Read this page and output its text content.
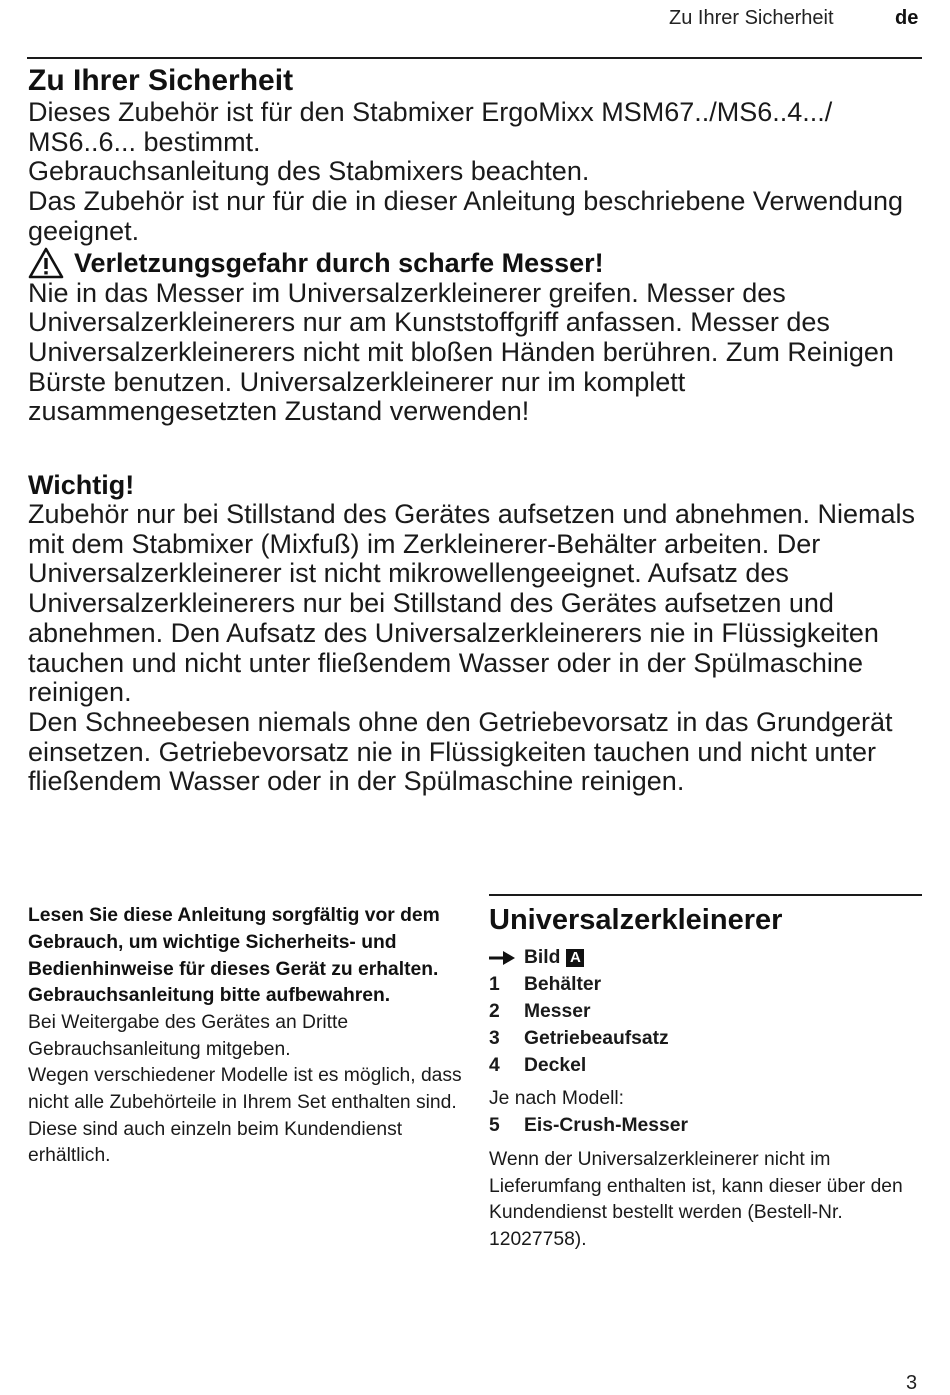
Zu Ihrer Sicherheit	de
Zu Ihrer Sicherheit

Dieses Zubehör ist für den Stabmixer ErgoMixx MSM67../MS6..4.../ MS6..6... bestimmt.

Gebrauchsanleitung des Stabmixers beachten.

Das Zubehör ist nur für die in dieser Anleitung beschriebene Verwendung geeignet.

Verletzungsgefahr durch scharfe Messer!

Nie in das Messer im Universalzerkleinerer greifen. Messer des Universalzerkleinerers nur am Kunststoffgriff anfassen. Messer des Universalzerkleinerers nicht mit bloßen Händen berühren. Zum Reinigen Bürste benutzen. Universalzerkleinerer nur im komplett zusammengesetzten Zustand verwenden!

Wichtig!

Zubehör nur bei Stillstand des Gerätes aufsetzen und abnehmen. Niemals mit dem Stabmixer (Mixfuß) im Zerkleinerer-Behälter arbeiten. Der Universalzerkleinerer ist nicht mikrowellengeeignet. Aufsatz des Universalzerkleinerers nur bei Stillstand des Gerätes aufsetzen und abnehmen. Den Aufsatz des Universalzerkleinerers nie in Flüssigkeiten tauchen und nicht unter fließendem Wasser oder in der Spülmaschine reinigen.

Den Schneebesen niemals ohne den Getriebevorsatz in das Grundgerät einsetzen. Getriebevorsatz nie in Flüssigkeiten tauchen und nicht unter fließendem Wasser oder in der Spülmaschine reinigen.

Lesen Sie diese Anleitung sorgfältig vor dem Gebrauch, um wichtige Sicherheits- und Bedienhinweise für dieses Gerät zu erhalten. Gebrauchsanleitung bitte aufbewahren.

Bei Weitergabe des Gerätes an Dritte Gebrauchsanleitung mitgeben.

Wegen verschiedener Modelle ist es möglich, dass nicht alle Zubehörteile in Ihrem Set enthalten sind. Diese sind auch einzeln beim Kundendienst erhältlich.

Universalzerkleinerer
Bild A
1	Behälter
2	Messer
3	Getriebeaufsatz
4	Deckel

Je nach Modell:

5	Eis-Crush-Messer

Wenn der Universalzerkleinerer nicht im Lieferumfang enthalten ist, kann dieser über den Kundendienst bestellt werden (Bestell-Nr. 12027758).

3
